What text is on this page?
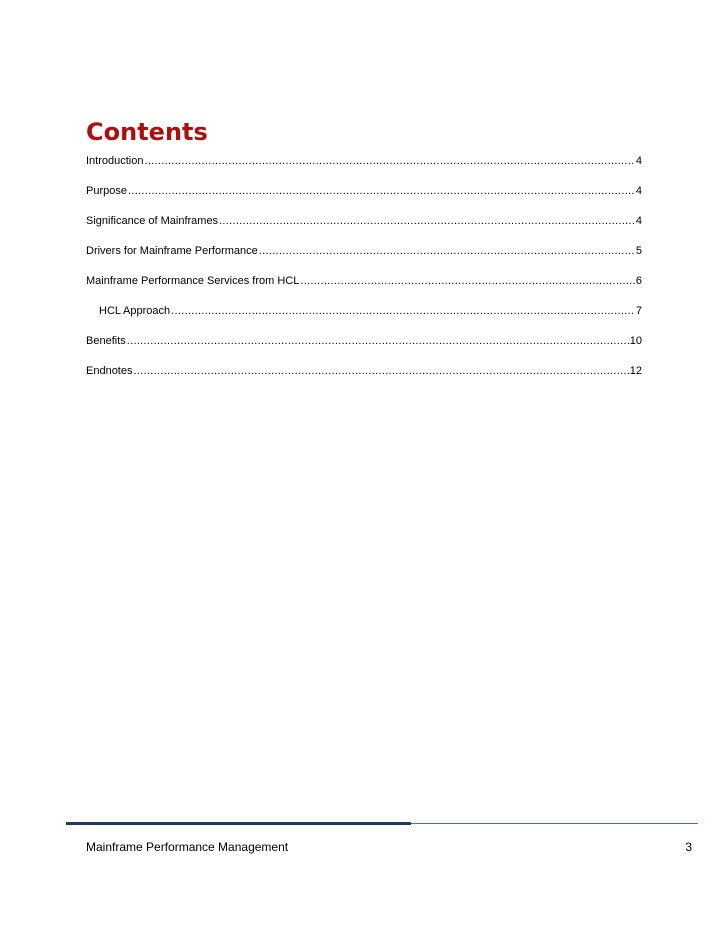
Contents
Introduction .....	4
Purpose .....	4
Significance of Mainframes .....	4
Drivers for Mainframe Performance .....	5
Mainframe Performance Services from HCL .....	6
HCL Approach .....	7
Benefits .....	10
Endnotes .....	12
Mainframe Performance Management	3
